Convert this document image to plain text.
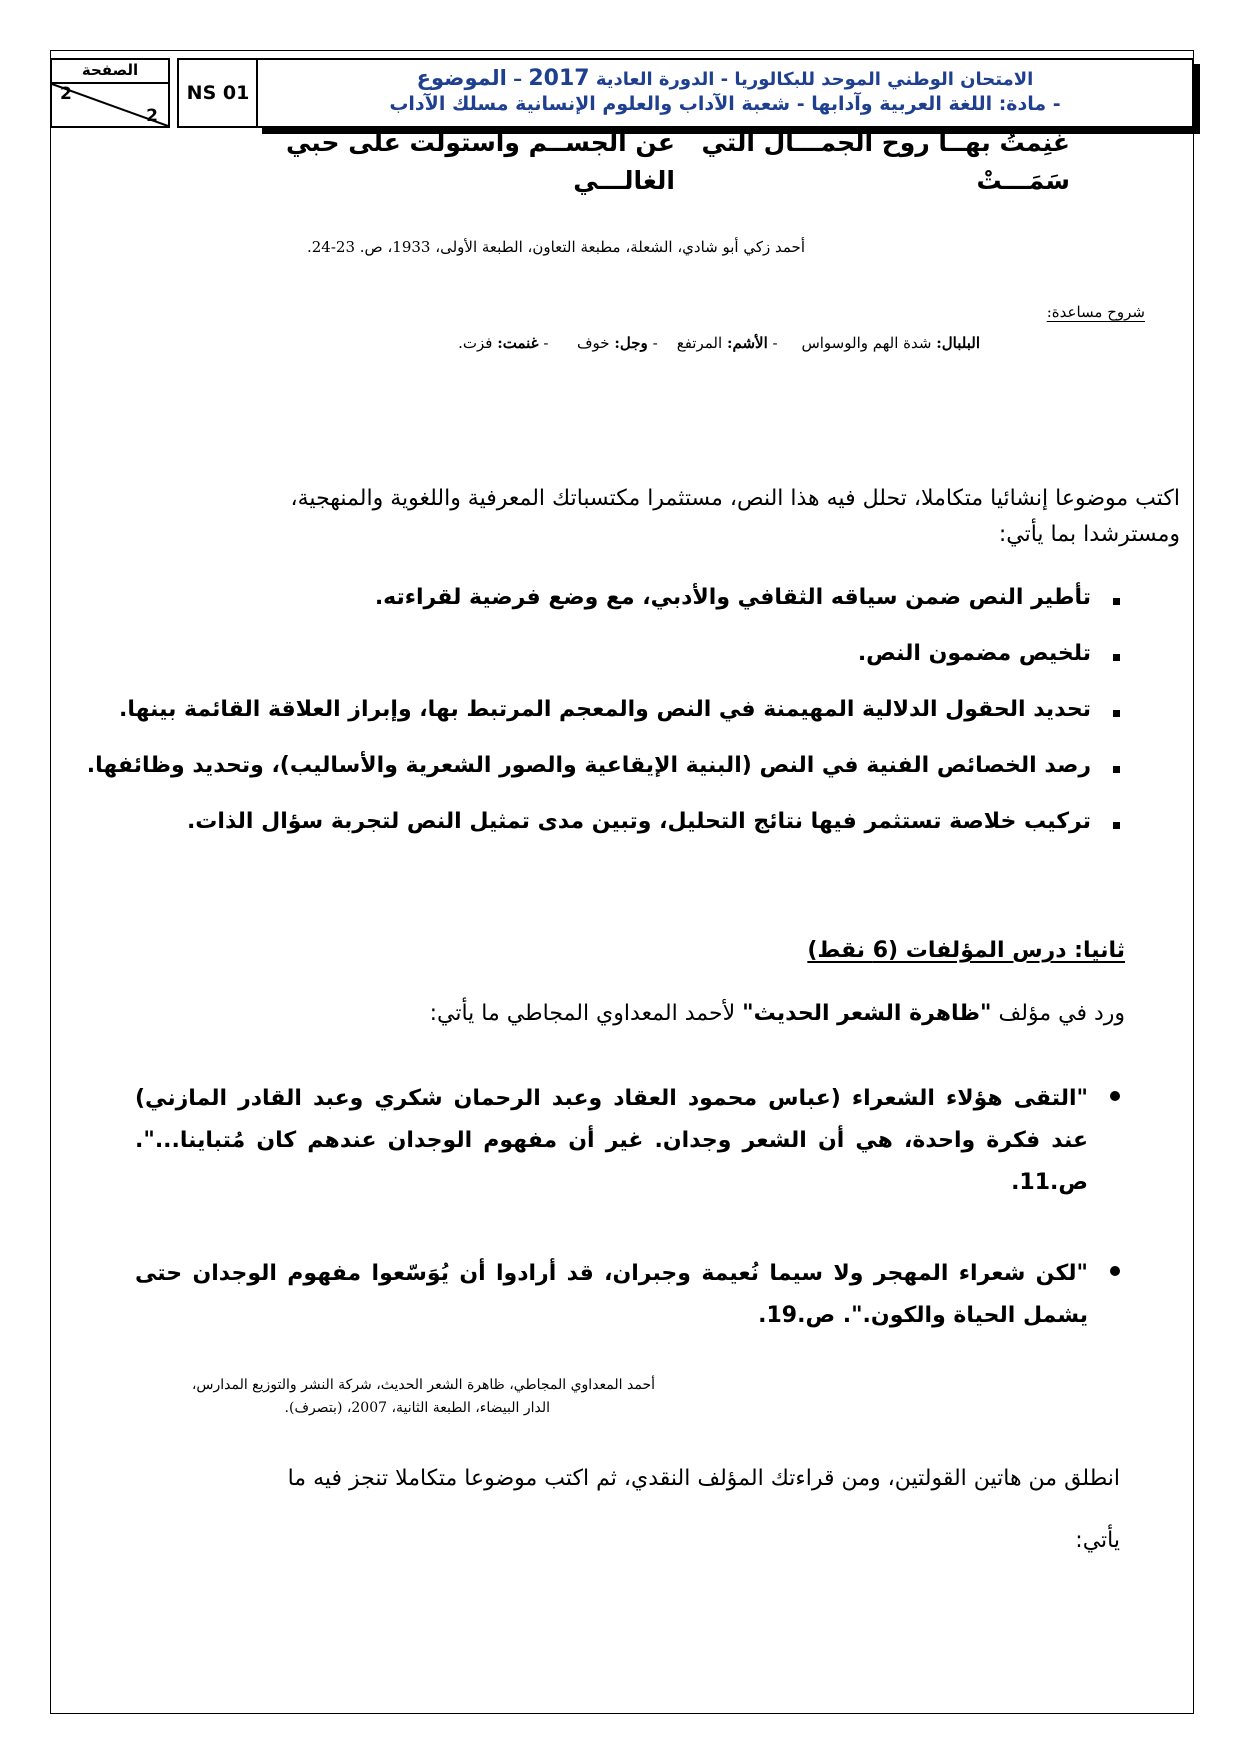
الصفحة
2
2
NS 01
الامتحان الوطني الموحد للبكالوريا - الدورة العادية 2017 – الموضوع
- مادة: اللغة العربية وآدابها - شعبة الآداب والعلوم الإنسانية مسلك الآداب
غَنِمتُ بهــا روح الجمـــال التي
سَمَـــتْ
عن الجســم واستولت على حبي
الغالـــي
أحمد زكي أبو شادي، الشعلة، مطبعة التعاون، الطبعة الأولى، 1933، ص. 23-24.
شروح مساعدة:
البلبال: شدة الهم والوسواس     - الأشم: المرتفع    - وجل: خوف      - غنمت: فزت.
اكتب موضوعا إنشائيا متكاملا، تحلل فيه هذا النص، مستثمرا مكتسباتك المعرفية واللغوية والمنهجية،
ومسترشدا بما يأتي:
تأطير النص ضمن سياقه الثقافي والأدبي، مع وضع فرضية لقراءته.
تلخيص مضمون النص.
تحديد الحقول الدلالية المهيمنة في النص والمعجم المرتبط بها، وإبراز العلاقة القائمة بينها.
رصد الخصائص الفنية في النص (البنية الإيقاعية والصور الشعرية والأساليب)، وتحديد وظائفها.
تركيب خلاصة تستثمر فيها نتائج التحليل، وتبين مدى تمثيل النص لتجربة سؤال الذات.
ثانيا: درس المؤلفات (6 نقط)
ورد في مؤلف "ظاهرة الشعر الحديث" لأحمد المعداوي المجاطي ما يأتي:
"التقى هؤلاء الشعراء (عباس محمود العقاد وعبد الرحمان شكري وعبد القادر المازني) عند فكرة واحدة، هي أن الشعر وجدان. غير أن مفهوم الوجدان عندهم كان مُتباينا...". ص.11.
"لكن شعراء المهجر ولا سيما نُعيمة وجبران، قد أرادوا أن يُوَسّعوا مفهوم الوجدان حتى يشمل الحياة والكون.". ص.19.
أحمد المعداوي المجاطي، ظاهرة الشعر الحديث، شركة النشر والتوزيع المدارس،
الدار البيضاء، الطبعة الثانية، 2007، (بتصرف).
انطلق من هاتين القولتين، ومن قراءتك المؤلف النقدي، ثم اكتب موضوعا متكاملا تنجز فيه ما
يأتي:
